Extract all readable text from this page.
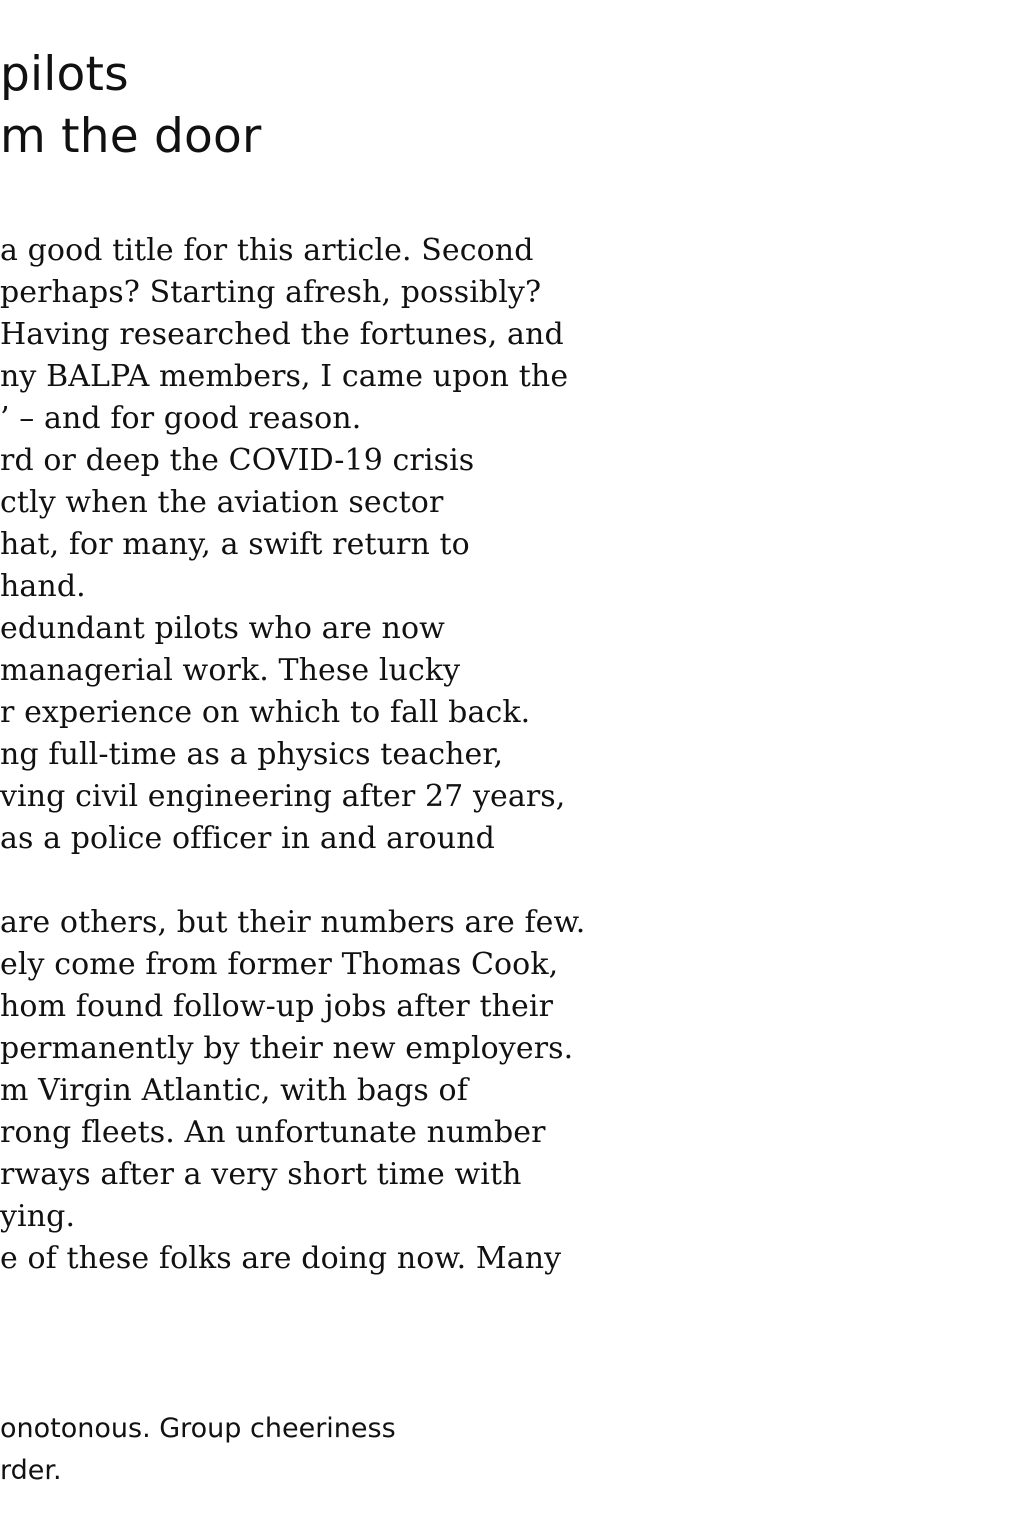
pilots
m the door
a good title for this article. Second
perhaps? Starting afresh, possibly?
Having researched the fortunes, and
ny BALPA members, I came upon the
’ – and for good reason.
rd or deep the COVID-19 crisis
ctly when the aviation sector
hat, for many, a swift return to
hand.
edundant pilots who are now
managerial work. These lucky
r experience on which to fall back.
ng full-time as a physics teacher,
ving civil engineering after 27 years,
as a police officer in and around
are others, but their numbers are few.
ely come from former Thomas Cook,
hom found follow-up jobs after their
permanently by their new employers.
m Virgin Atlantic, with bags of
rong fleets. An unfortunate number
rways after a very short time with
ying.
e of these folks are doing now. Many
onotonous. Group cheeriness
rder.
